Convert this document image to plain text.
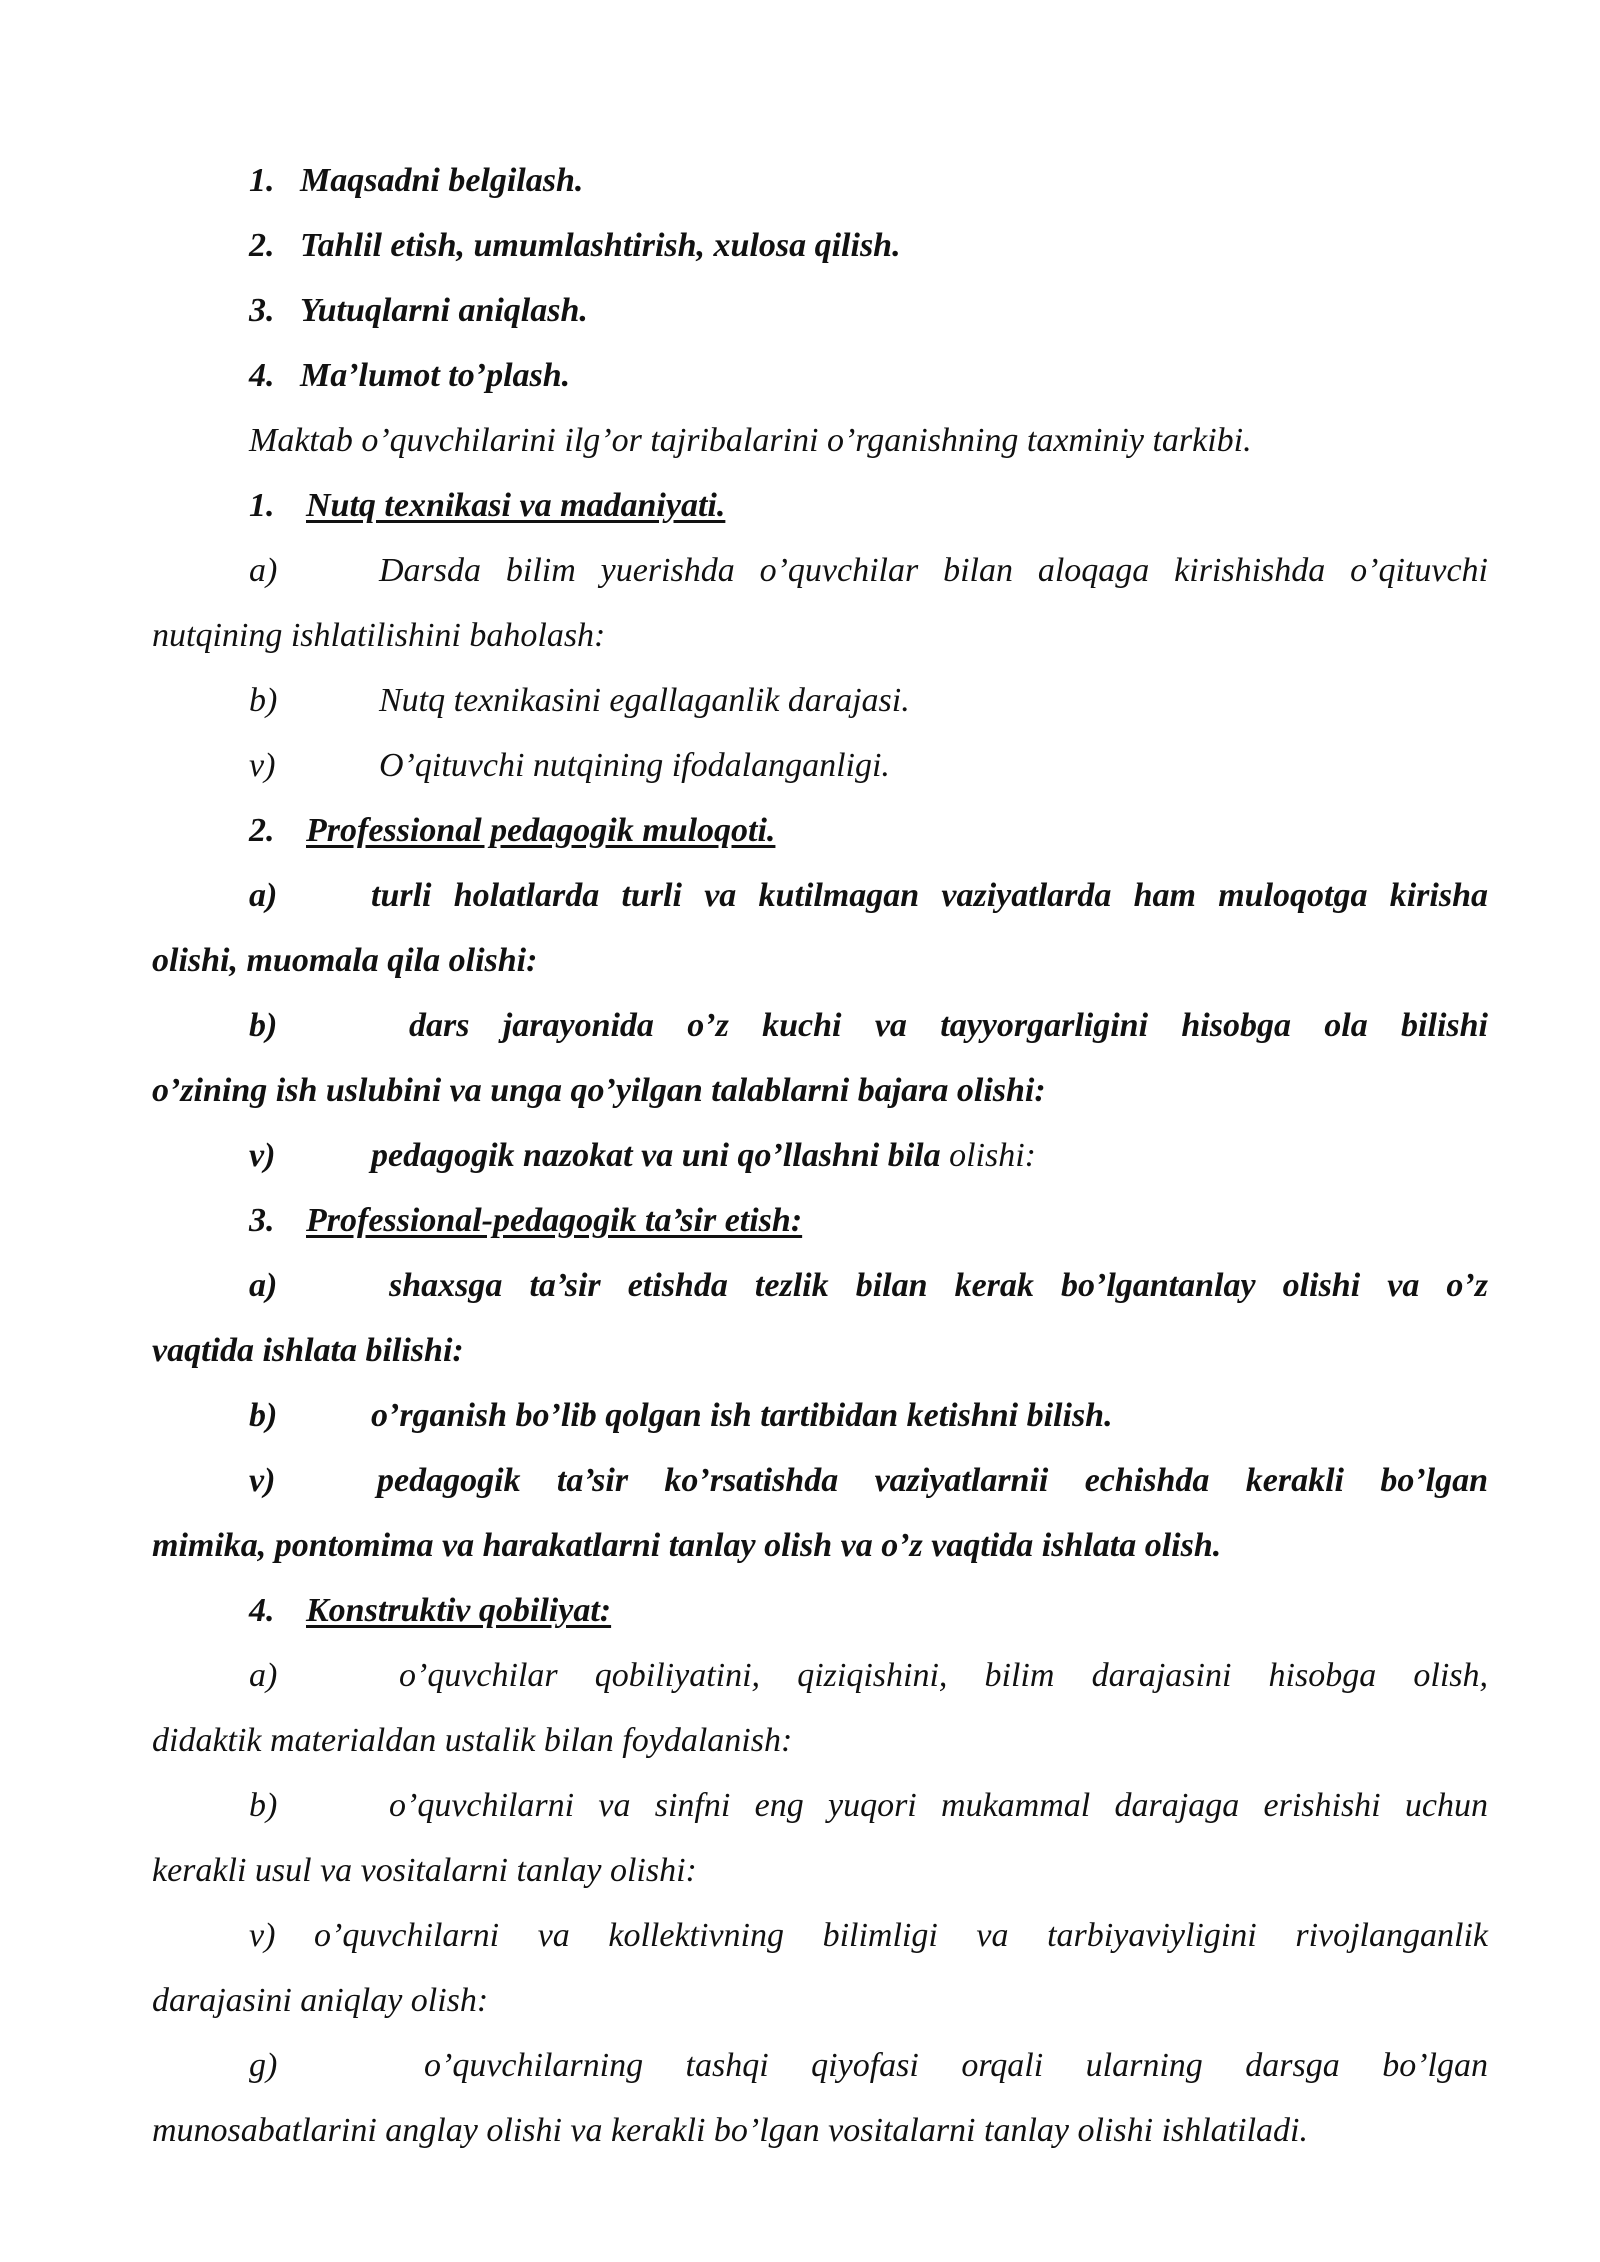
1. Maqsadni belgilash.
2. Tahlil etish, umumlashtirish, xulosa qilish.
3. Yutuqlarni aniqlash.
4. Ma’lumot to’plash.
Maktab o’quvchilarini ilg’or tajribalarini o’rganishning taxminiy tarkibi.
1. Nutq texnikasi va madaniyati.
a)	Darsda bilim yuerishda o’quvchilar bilan aloqaga kirishishda o’qituvchi
nutqining ishlatilishini baholash:
b)	Nutq texnikasini egallaganlik darajasi.
v)	O’qituvchi nutqining ifodalanganligi.
2. Professional pedagogik muloqoti.
a)	turli holatlarda turli va kutilmagan vaziyatlarda ham muloqotga kirisha
olishi, muomala qila olishi:
b)	dars jarayonida o’z kuchi va tayyorgarligini hisobga ola bilishi
o’zining ish uslubini va unga qo’yilgan talablarni bajara olishi:
v)	pedagogik nazokat va uni qo’llashni bila olishi:
3. Professional-pedagogik ta’sir etish:
a)	shaxsga ta’sir etishda tezlik bilan kerak bo’lgantanlay olishi va o’z
vaqtida ishlata bilishi:
b)	o’rganish bo’lib qolgan ish tartibidan ketishni bilish.
v)	pedagogik ta’sir ko’rsatishda vaziyatlarnii echishda kerakli bo’lgan
mimika, pontomima va harakatlarni tanlay olish va o’z vaqtida ishlata olish.
4. Konstruktiv qobiliyat:
a)	o’quvchilar qobiliyatini, qiziqishini, bilim darajasini hisobga olish,
didaktik materialdan ustalik bilan foydalanish:
b)	o’quvchilarni va sinfni eng yuqori mukammal darajaga erishishi uchun
kerakli usul va vositalarni tanlay olishi:
v) o’quvchilarni va kollektivning bilimligi va tarbiyaviyligini rivojlanganlik
darajasini aniqlay olish:
g)	o’quvchilarning tashqi qiyofasi orqali ularning darsga bo’lgan
munosabatlarini anglay olishi va kerakli bo’lgan vositalarni tanlay olishi ishlatiladi.
